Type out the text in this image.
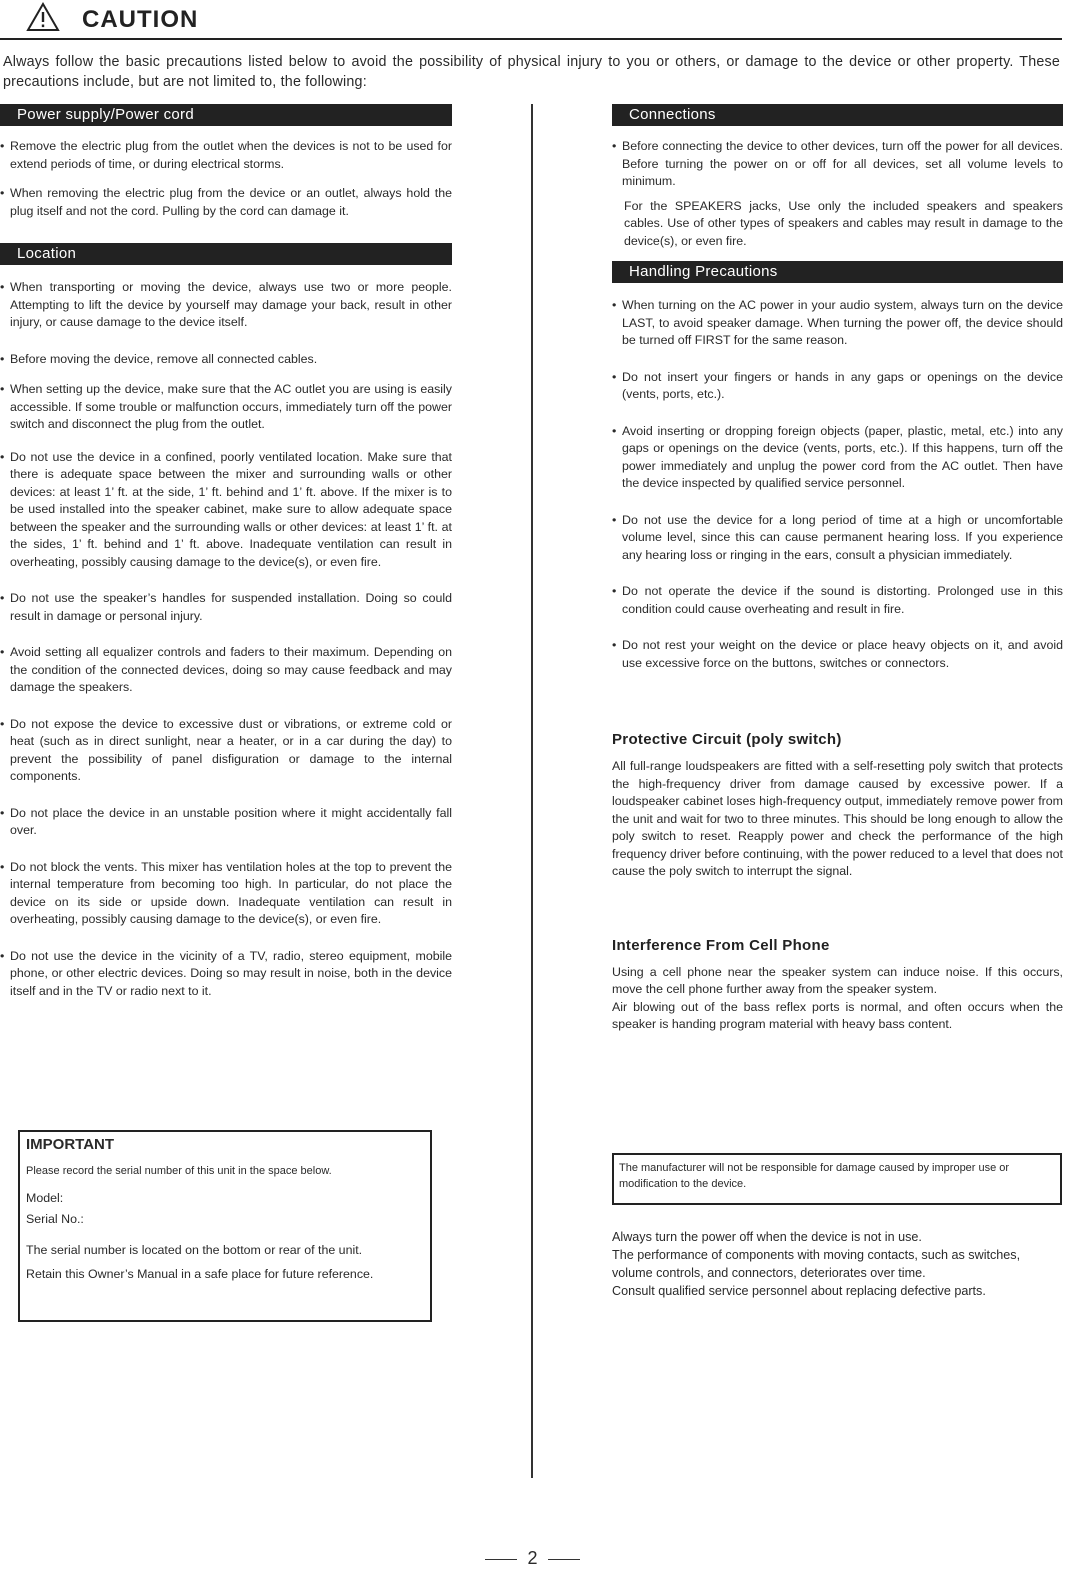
CAUTION
Always follow the basic precautions listed below to avoid the possibility of physical injury to you or others, or damage to the device or other property. These precautions include, but are not limited to, the following:
Power supply/Power cord
• Remove the electric plug from the outlet when the devices is not to be used for extend periods of time, or during electrical storms.
• When removing the electric plug from the device or an outlet, always hold the plug itself and not the cord. Pulling by the cord can damage it.
Location
• When transporting or moving the device, always use two or more people. Attempting to lift the device by yourself may damage your back, result in other injury, or cause damage to the device itself.
• Before moving the device, remove all connected cables.
• When setting up the device, make sure that the AC outlet you are using is easily accessible. If some trouble or malfunction occurs, immediately turn off the power switch and disconnect the plug from the outlet.
• Do not use the device in a confined, poorly ventilated location. Make sure that there is adequate space between the mixer and surrounding walls or other devices: at least 1’ ft. at the side, 1’ ft. behind and 1’ ft. above. If the mixer is to be used installed into the speaker cabinet, make sure to allow adequate space between the speaker and the surrounding walls or other devices: at least 1’ ft. at the sides, 1’ ft. behind and 1’ ft. above. Inadequate ventilation can result in overheating, possibly causing damage to the device(s), or even fire.
• Do not use the speaker’s handles for suspended installation. Doing so could result in damage or personal injury.
• Avoid setting all equalizer controls and faders to their maximum. Depending on the condition of the connected devices, doing so may cause feedback and may damage the speakers.
• Do not expose the device to excessive dust or vibrations, or extreme cold or heat (such as in direct sunlight, near a heater, or in a car during the day) to prevent the possibility of panel disfiguration or damage to the internal components.
• Do not place the device in an unstable position where it might accidentally fall over.
• Do not block the vents. This mixer has ventilation holes at the top to prevent the internal temperature from becoming too high. In particular, do not place the device on its side or upside down. Inadequate ventilation can result in overheating, possibly causing damage to the device(s), or even fire.
• Do not use the device in the vicinity of a TV, radio, stereo equipment, mobile phone, or other electric devices. Doing so may result in noise, both in the device itself and in the TV or radio next to it.
IMPORTANT
Please record the serial number of this unit in the space below.
Model:
Serial No.:
The serial number is located on the bottom or rear of the unit.
Retain this Owner’s Manual in a safe place for future reference.
Connections
• Before connecting the device to other devices, turn off the power for all devices. Before turning the power on or off for all devices, set all volume levels to minimum.
For the SPEAKERS jacks, Use only the included speakers and speakers cables. Use of other types of speakers and cables may result in damage to the device(s), or even fire.
Handling Precautions
• When turning on the AC power in your audio system, always turn on the device LAST, to avoid speaker damage. When turning the power off, the device should be turned off FIRST for the same reason.
• Do not insert your fingers or hands in any gaps or openings on the device (vents, ports, etc.).
• Avoid inserting or dropping foreign objects (paper, plastic, metal, etc.) into any gaps or openings on the device (vents, ports, etc.). If this happens, turn off the power immediately and unplug the power cord from the AC outlet. Then have the device inspected by qualified service personnel.
• Do not use the device for a long period of time at a high or uncomfortable volume level, since this can cause permanent hearing loss. If you experience any hearing loss or ringing in the ears, consult a physician immediately.
• Do not operate the device if the sound is distorting. Prolonged use in this condition could cause overheating and result in fire.
• Do not rest your weight on the device or place heavy objects on it, and avoid use excessive force on the buttons, switches or connectors.
Protective Circuit (poly switch)
All full-range loudspeakers are fitted with a self-resetting poly switch that protects the high-frequency driver from damage caused by excessive power. If a loudspeaker cabinet loses high-frequency output, immediately remove power from the unit and wait for two to three minutes. This should be long enough to allow the poly switch to reset. Reapply power and check the performance of the high frequency driver before continuing, with the power reduced to a level that does not cause the poly switch to interrupt the signal.
Interference From Cell Phone
Using a cell phone near the speaker system can induce noise. If this occurs, move the cell phone further away from the speaker system.
Air blowing out of the bass reflex ports is normal, and often occurs when the speaker is handing program material with heavy bass content.
The manufacturer will not be responsible for damage caused by improper use or modification to the device.
Always turn the power off when the device is not in use.
The performance of components with moving contacts, such as switches, volume controls, and connectors, deteriorates over time.
Consult qualified service personnel about replacing defective parts.
2
